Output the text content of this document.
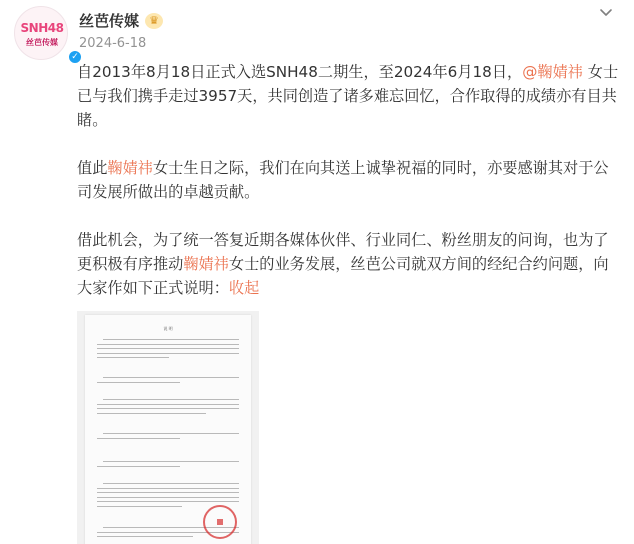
SNH48
丝芭传媒
✓
丝芭传媒 ♛
2024-6-18

自2013年8月18日正式入选SNH48二期生，至2024年6月18日，@鞠婧祎 女士已与我们携手走过3957天，共同创造了诸多难忘回忆，合作取得的成绩亦有目共睹。

值此鞠婧祎女士生日之际，我们在向其送上诚挚祝福的同时，亦要感谢其对于公司发展所做出的卓越贡献。

借此机会，为了统一答复近期各媒体伙伴、行业同仁、粉丝朋友的问询，也为了更积极有序推动鞠婧祎女士的业务发展，丝芭公司就双方间的经纪合约问题，向大家作如下正式说明：收起

说 明
